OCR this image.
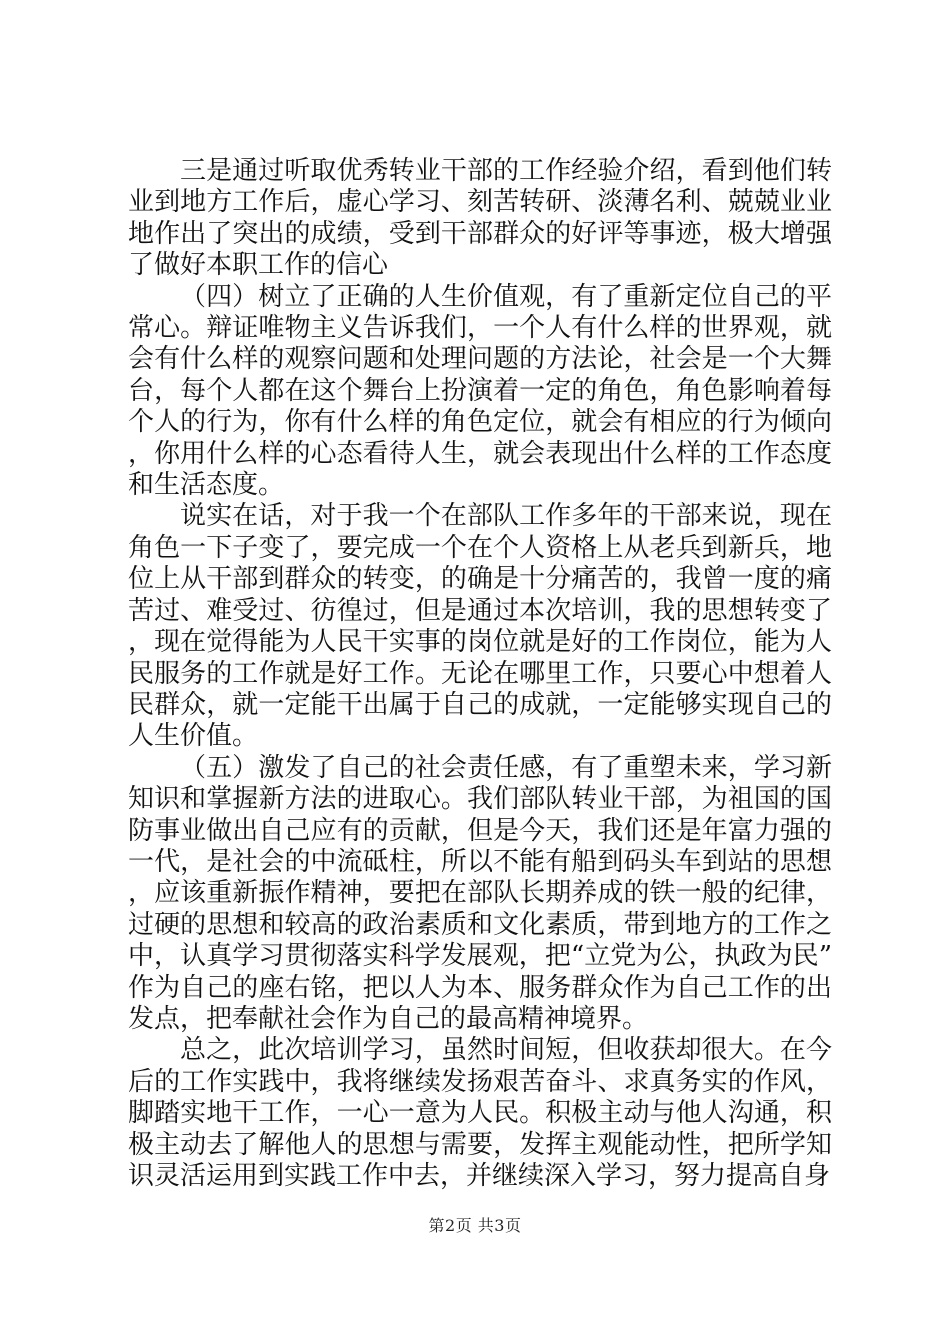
三是通过听取优秀转业干部的工作经验介绍，看到他们转业到地方工作后，虚心学习、刻苦转研、淡薄名利、兢兢业业地作出了突出的成绩，受到干部群众的好评等事迹，极大增强了做好本职工作的信心

（四）树立了正确的人生价值观，有了重新定位自己的平常心。辩证唯物主义告诉我们，一个人有什么样的世界观，就会有什么样的观察问题和处理问题的方法论，社会是一个大舞台，每个人都在这个舞台上扮演着一定的角色，角色影响着每个人的行为，你有什么样的角色定位，就会有相应的行为倾向，你用什么样的心态看待人生，就会表现出什么样的工作态度和生活态度。

说实在话，对于我一个在部队工作多年的干部来说，现在角色一下子变了，要完成一个在个人资格上从老兵到新兵，地位上从干部到群众的转变，的确是十分痛苦的，我曾一度的痛苦过、难受过、彷徨过，但是通过本次培训，我的思想转变了，现在觉得能为人民干实事的岗位就是好的工作岗位，能为人民服务的工作就是好工作。无论在哪里工作，只要心中想着人民群众，就一定能干出属于自己的成就，一定能够实现自己的人生价值。

（五）激发了自己的社会责任感，有了重塑未来，学习新知识和掌握新方法的进取心。我们部队转业干部，为祖国的国防事业做出自己应有的贡献，但是今天，我们还是年富力强的一代，是社会的中流砥柱，所以不能有船到码头车到站的思想，应该重新振作精神，要把在部队长期养成的铁一般的纪律，过硬的思想和较高的政治素质和文化素质，带到地方的工作之中，认真学习贯彻落实科学发展观，把“立党为公，执政为民”作为自己的座右铭，把以人为本、服务群众作为自己工作的出发点，把奉献社会作为自己的最高精神境界。

总之，此次培训学习，虽然时间短，但收获却很大。在今后的工作实践中，我将继续发扬艰苦奋斗、求真务实的作风，脚踏实地干工作，一心一意为人民。积极主动与他人沟通，积极主动去了解他人的思想与需要，发挥主观能动性，把所学知识灵活运用到实践工作中去，并继续深入学习，努力提高自身

第2页 共3页
